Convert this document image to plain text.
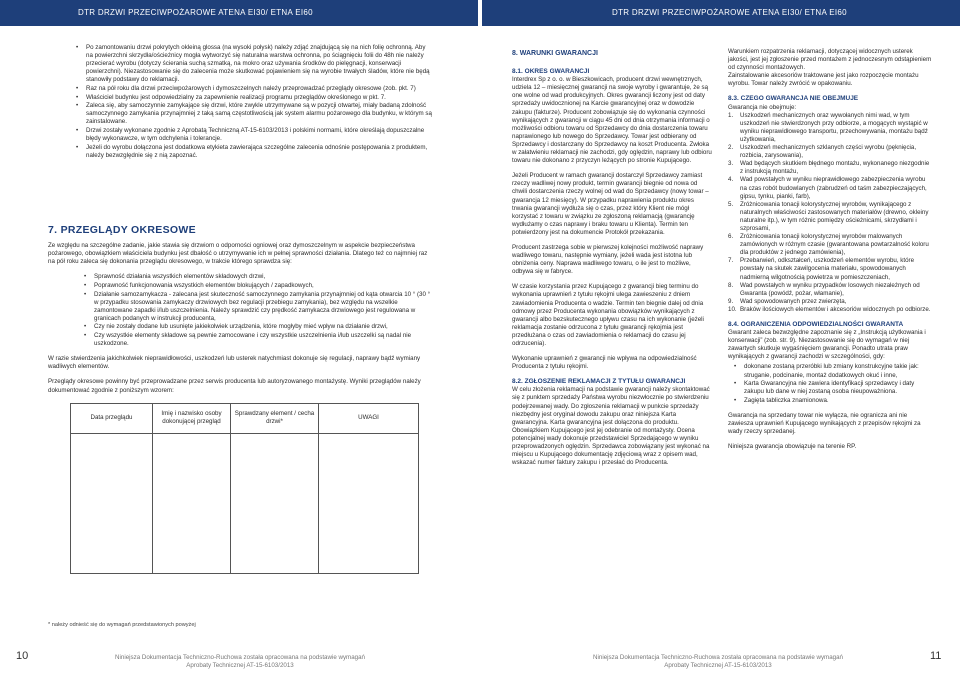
DTR DRZWI PRZECIWPOŻAROWE ATENA EI30/ ETNA EI60	DTR DRZWI PRZECIWPOŻAROWE ATENA EI30/ ETNA EI60
• Po zamontowaniu drzwi pokrytych okleiną glossa (na wysoki połysk) należy zdjąć znajdującą się na nich folię ochronną. Aby na powierzchni skrzydła/ościeżnicy mogła wytworzyć się naturalna warstwa ochronna, po ściągnięciu folii do 48h nie należy przecierać wyrobu (dotyczy ścierania suchą szmatką, na mokro oraz używania środków do pielęgnacji, konserwacji powierzchni). Niezastosowanie się do zalecenia może skutkować pojawieniem się na wyrobie trwałych śladów, które nie będą stanowiły podstawy do reklamacji.
• Raz na pół roku dla drzwi przeciwpożarowych i dymoszczelnych należy przeprowadzać przeglądy okresowe (zob. pkt. 7)
• Właściciel budynku jest odpowiedzialny za zapewnienie realizacji programu przeglądów określonego w pkt. 7.
• Zaleca się, aby samoczynnie zamykające się drzwi, które zwykle utrzymywane są w pozycji otwartej, miały badaną zdolność samoczynnego zamykania przynajmniej z taką samą częstotliwością jak system alarmu pożarowego dla budynku, w którym są zainstalowane.
• Drzwi zostały wykonane zgodnie z Aprobatą Techniczną AT-15-6103/2013 i polskimi normami, które określają dopuszczalne błędy wykonawcze, w tym odchylenia i tolerancje.
• Jeżeli do wyrobu dołączona jest dodatkowa etykieta zawierająca szczególne zalecenia odnośnie postępowania z produktem, należy bezwzględnie się z nią zapoznać.
7. PRZEGLĄDY OKRESOWE

Ze względu na szczególne zadanie, jakie stawia się drzwiom o odporności ogniowej oraz dymoszczelnym w aspekcie bezpieczeństwa pożarowego, obowiązkiem właściciela budynku jest dbałość o utrzymywanie ich w pełnej sprawności działania. Dlatego też co najmniej raz na pół roku zaleca się dokonania przeglądu okresowego, w trakcie którego sprawdza się:

• Sprawność działania wszystkich elementów składowych drzwi,
• Poprawność funkcjonowania wszystkich elementów blokujących / zapadkowych,
• Działanie samozamykacza - zalecana jest skuteczność samoczynnego zamykania przynajmniej od kąta otwarcia 10 ° (30 ° w przypadku stosowania zamykaczy drzwiowych bez regulacji przebiegu zamykania), bez względu na wszelkie zamontowane zapadki i/lub uszczelnienia. Należy sprawdzić czy prędkość zamykacza drzwiowego jest regulowana w granicach podanych w instrukcji producenta,
• Czy nie zostały dodane lub usunięte jakiekolwiek urządzenia, które mogłyby mieć wpływ na działanie drzwi,
• Czy wszystkie elementy składowe są pewnie zamocowane i czy wszystkie uszczelnienia i/lub uszczelki są nadal nie uszkodzone.

W razie stwierdzenia jakichkolwiek nieprawidłowości, uszkodzeń lub usterek natychmiast dokonuje się regulacji, naprawy bądź wymiany wadliwych elementów.

Przeglądy okresowe powinny być przeprowadzane przez serwis producenta lub autoryzowanego montażystę. Wyniki przeglądów należy dokumentować zgodnie z poniższym wzorem:

Data przeglądu	Imię i nazwisko osoby dokonującej przegląd	Sprawdzany element / cecha drzwi*	UWAGI

* należy odnieść się do wymagań przedstawionych powyżej
10	Niniejsza Dokumentacja Techniczno-Ruchowa została opracowana na podstawie wymagań
Aprobaty Technicznej AT-15-6103/2013
8. WARUNKI GWARANCJI
8.1. OKRES GWARANCJI

Interdrex Sp z o. o. w Bieszkowicach, producent drzwi wewnętrznych, udziela 12 – miesięcznej gwarancji na swoje wyroby i gwarantuje, że są one wolne od wad produkcyjnych. Okres gwarancji liczony jest od daty sprzedaży uwidocznionej na Karcie gwarancyjnej oraz w dowodzie zakupu (fakturze). Producent zobowiązuje się do wykonania czynności wynikających z gwarancji w ciągu 45 dni od dnia otrzymania informacji o możliwości odbioru towaru od Sprzedawcy do dnia dostarczenia towaru naprawionego lub nowego do Sprzedawcy. Towar jest odbierany od Sprzedawcy i dostarczany do Sprzedawcy na koszt Producenta. Zwłoka w załatwieniu reklamacji nie zachodzi, gdy oględzin, naprawy lub odbioru towaru nie dokonano z przyczyn leżących po stronie Kupującego.

Jeżeli Producent w ramach gwarancji dostarczył Sprzedawcy zamiast rzeczy wadliwej nowy produkt, termin gwarancji biegnie od nowa od chwili dostarczenia rzeczy wolnej od wad do Sprzedawcy (nowy towar – gwarancja 12 miesięcy). W przypadku naprawienia produktu okres trwania gwarancji wydłuża się o czas, przez który Klient nie mógł korzystać z towaru w związku ze zgłoszoną reklamacją (gwarancję wydłużamy o czas naprawy i braku towaru u Klienta). Termin ten potwierdzony jest na dokumencie Protokół przekazania.

Producent zastrzega sobie w pierwszej kolejności możliwość naprawy wadliwego towaru, następnie wymiany, jeżeli wada jest istotna lub obniżenia ceny. Naprawa wadliwego towaru, o ile jest to możliwe, odbywa się w fabryce.

W czasie korzystania przez Kupującego z gwarancji bieg terminu do wykonania uprawnień z tytułu rękojmi ulega zawieszeniu z dniem zawiadomienia Producenta o wadzie. Termin ten biegnie dalej od dnia odmowy przez Producenta wykonania obowiązków wynikających z gwarancji albo bezskutecznego upływu czasu na ich wykonanie (jeżeli reklamacja zostanie odrzucona z tytułu gwarancji rękojmia jest przedłużana o czas od zawiadomienia o reklamacji do czasu jej odrzucenia).

Wykonanie uprawnień z gwarancji nie wpływa na odpowiedzialność Producenta z tytułu rękojmi.

8.2. ZGŁOSZENIE REKLAMACJI Z TYTUŁU GWARANCJI

W celu złożenia reklamacji na podstawie gwarancji należy skontaktować się z punktem sprzedaży Państwa wyrobu niezwłocznie po stwierdzeniu podejrzewanej wady. Do zgłoszenia reklamacji w punkcie sprzedaży niezbędny jest oryginał dowodu zakupu oraz niniejsza Karta gwarancyjna. Karta gwarancyjna jest dołączona do produktu. Obowiązkiem Kupującego jest jej odebranie od montażysty. Ocena potencjalnej wady dokonuje przedstawiciel Sprzedającego w wyniku przeprowadzonych oględzin. Sprzedawca zobowiązany jest wykonać na miejscu u Kupującego dokumentację zdjęciową wraz z opisem wad, wskazać numer faktury zakupu i przesłać do Producenta.

Warunkiem rozpatrzenia reklamacji, dotyczącej widocznych usterek jakości, jest jej zgłoszenie przed montażem z jednoczesnym odstąpieniem od czynności montażowych.

Zainstalowanie akcesoriów traktowane jest jako rozpoczęcie montażu wyrobu. Towar należy zwrócić w opakowaniu.

8.3. CZEGO GWARANCJA NIE OBEJMUJE
Gwarancja nie obejmuje:
1. Uszkodzeń mechanicznych oraz wywołanych nimi wad, w tym uszkodzeń nie stwierdzonych przy odbiorze, a mogących wystąpić w wyniku nieprawidłowego transportu, przechowywania, montażu bądź użytkowania,
2. Uszkodzeń mechanicznych szklanych części wyrobu (pęknięcia, rozbicia, zarysowania),
3. Wad będących skutkiem błędnego montażu, wykonanego niezgodnie z instrukcją montażu,
4. Wad powstałych w wyniku nieprawidłowego zabezpieczenia wyrobu na czas robót budowlanych (zabrudzeń od taśm zabezpieczających, gipsu, tynku, pianki, farb),
5. Zróżnicowania tonacji kolorystycznej wyrobów, wynikającego z naturalnych właściwości zastosowanych materiałów (drewno, okleiny naturalne itp.), w tym różnic pomiędzy ościeżnicami, skrzydłami i szprosami,
6. Zróżnicowania tonacji kolorystycznej wyrobów malowanych zamówionych w różnym czasie (gwarantowana powtarzalność koloru dla produktów z jednego zamówienia),
7. Przebarwień, odkształceń, uszkodzeń elementów wyrobu, które powstały na skutek zawilgocenia materiału, spowodowanych nadmierną wilgotnością powietrza w pomieszczeniach,
8. Wad powstałych w wyniku przypadków losowych niezależnych od Gwaranta (powódź, pożar, włamanie),
9. Wad spowodowanych przez zwierzęta,
10. Braków ilościowych elementów i akcesoriów widocznych po odbiorze.
8.4. OGRANICZENIA ODPOWIEDZIALNOŚCI GWARANTA

Gwarant zaleca bezwzględne zapoznanie się z „Instrukcją użytkowania i konserwacji” (zob. str. 9). Niezastosowanie się do wymagań w niej zawartych skutkuje wygaśnięciem gwarancji. Ponadto utrata praw wynikających z gwarancji zachodzi w szczególności, gdy:

• dokonane zostaną przeróbki lub zmiany konstrukcyjne takie jak: struganie, podcinanie, montaż dodatkowych okuć i inne,
• Karta Gwarancyjna nie zawiera identyfikacji sprzedawcy i daty zakupu lub dane w niej zostaną osoba nieupoważniona.
• Zagięta tabliczka znamionowa.

Gwarancja na sprzedany towar nie wyłącza, nie ogranicza ani nie zawiesza uprawnień Kupującego wynikających z przepisów rękojmi za wady rzeczy sprzedanej.

Niniejsza gwarancja obowiązuje na terenie RP.

Niniejsza Dokumentacja Techniczno-Ruchowa została opracowana na podstawie wymagań
Aprobaty Technicznej AT-15-6103/2013
11
